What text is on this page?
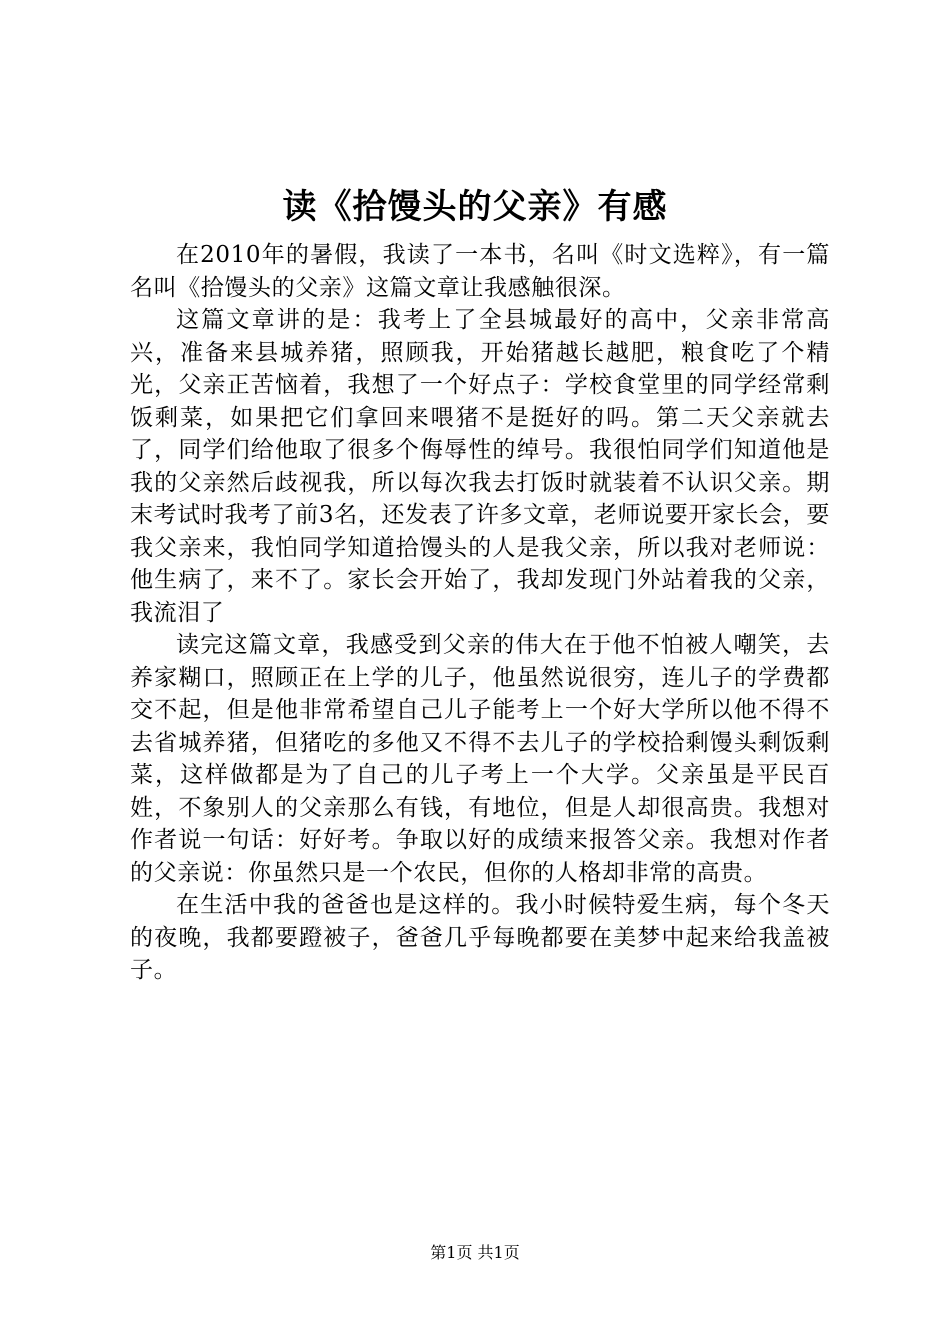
读《拾馒头的父亲》有感

在2010年的暑假，我读了一本书，名叫《时文选粹》，有一篇名叫《拾馒头的父亲》这篇文章让我感触很深。

这篇文章讲的是：我考上了全县城最好的高中，父亲非常高兴，准备来县城养猪，照顾我，开始猪越长越肥，粮食吃了个精光，父亲正苦恼着，我想了一个好点子：学校食堂里的同学经常剩饭剩菜，如果把它们拿回来喂猪不是挺好的吗。第二天父亲就去了，同学们给他取了很多个侮辱性的绰号。我很怕同学们知道他是我的父亲然后歧视我，所以每次我去打饭时就装着不认识父亲。期末考试时我考了前3名，还发表了许多文章，老师说要开家长会，要我父亲来，我怕同学知道拾馒头的人是我父亲，所以我对老师说：他生病了，来不了。家长会开始了，我却发现门外站着我的父亲，我流泪了

读完这篇文章，我感受到父亲的伟大在于他不怕被人嘲笑，去养家糊口，照顾正在上学的儿子，他虽然说很穷，连儿子的学费都交不起，但是他非常希望自己儿子能考上一个好大学所以他不得不去省城养猪，但猪吃的多他又不得不去儿子的学校拾剩馒头剩饭剩菜，这样做都是为了自己的儿子考上一个大学。父亲虽是平民百姓，不象别人的父亲那么有钱，有地位，但是人却很高贵。我想对作者说一句话：好好考。争取以好的成绩来报答父亲。我想对作者的父亲说：你虽然只是一个农民，但你的人格却非常的高贵。

在生活中我的爸爸也是这样的。我小时候特爱生病，每个冬天的夜晚，我都要蹬被子，爸爸几乎每晚都要在美梦中起来给我盖被子。

第1页 共1页
